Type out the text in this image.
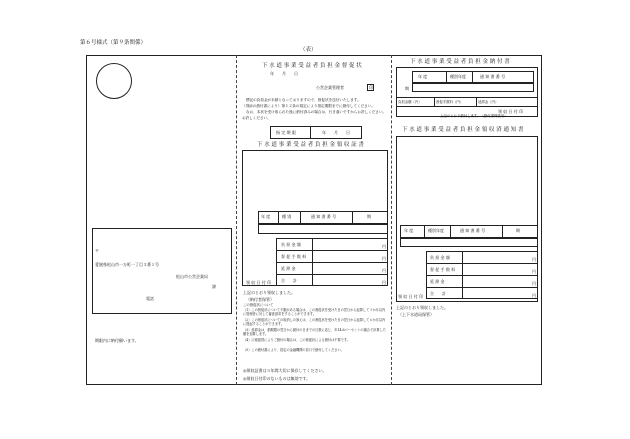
第６号様式（第９条関係）
（表）
〒
愛媛県松山市一万町一丁目３番１号
松山市公営企業局
課
電話
期限内に納付願います。
下 水 道 事 業 受 益 者 負 担 金 督 促 状
年　　月　　日
公営企業管理者	印
標記の負担金が未納となっておりますので、督促状を送付いたします。
（別添の納付書により）第１２条の規定により指定期限までに納付してください。
なお、本状を受け取られた後に納付済みの場合は、行き違いですからお許しください。
お許しください。
指 定 期 限	年　　月　　日
下 水 道 事 業 受 益 者 負 担 金 領 収 証 書
年 度	種 別	通 知 書 番 号	期
負 担 金 額	円
督 促 手 数 料	円
延 滞 金	円
合　　計	円
領 収 日 付 印
上記のとおり領収しました。
（納付者保管）
この督促状について
（1）この督促状について不服がある場合は、この督促状を受けた日の翌日から起算して３か月以内に管理者に対して審査請求をすることができます。
（2）この督促状についての取消しの訴えは、この督促状を受けた日の翌日から起算して６か月以内に提起することができます。
（3）延滞金は、納期限の翌日から納付の日までの日数に応じ、年14.6パーセントの割合で計算した額を加算します。
（4）口座振替によりご納付の場合は、この督促状による納付は不要です。
（5）この納付書により、指定の金融機関の窓口で納付してください。
◎領収証書は５年間大切に保存してください。
◎領収日付印のないものは無効です。
下 水 道 事 業 受 益 者 負 担 金 納 付 書
年 度	種別年度	通 知 書 番 号
期
負担金額（円）	督促手数料（円）	延滞金（円）
領 収 日 付 印
上記のとおり納付します。（納付書保管用）
下 水 道 事 業 受 益 者 負 担 金 領 収 済 通 知 書
年 度	種別年度	通 知 書 番 号	期
負 担 金 額	円
督 促 手 数 料	円
延 滞 金	円
合　　計	円
領 収 日 付 印
上記のとおり領収しました。
（上下水道局保管）
